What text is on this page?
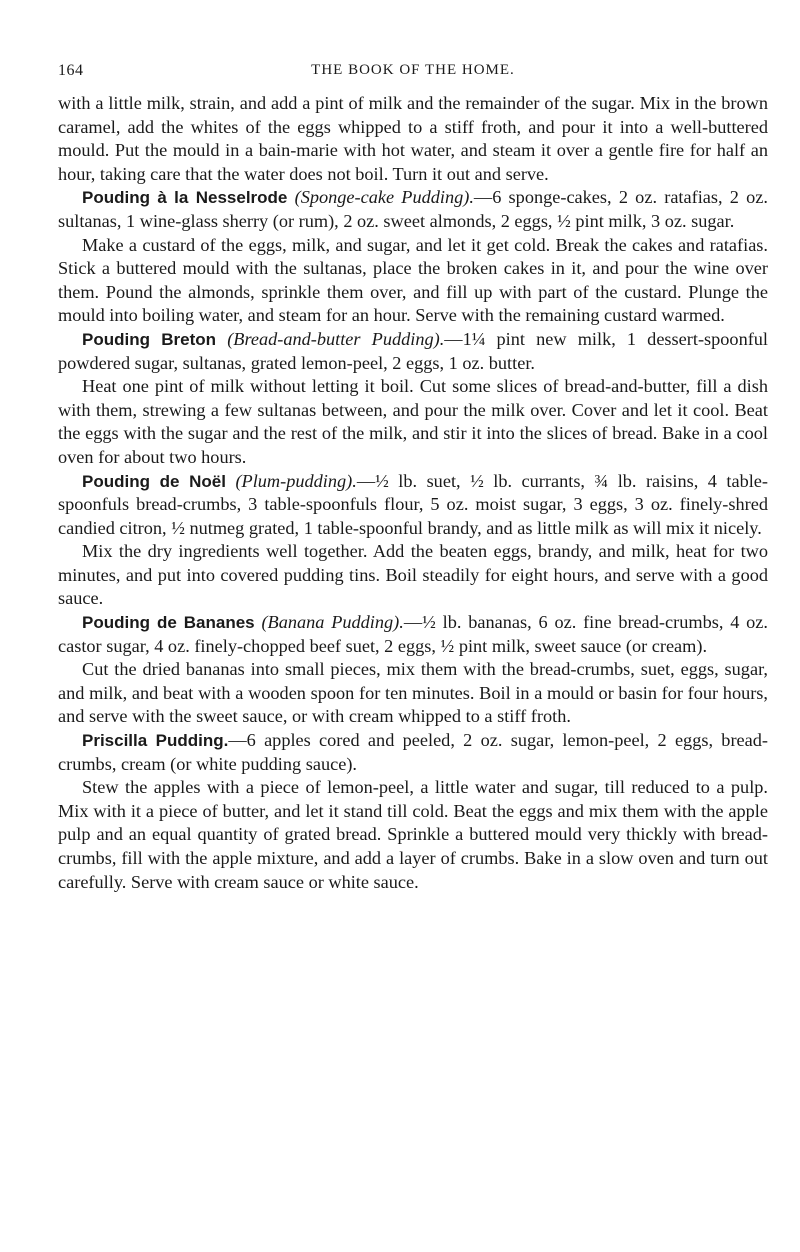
164	THE BOOK OF THE HOME.

with a little milk, strain, and add a pint of milk and the remainder of the sugar. Mix in the brown caramel, add the whites of the eggs whipped to a stiff froth, and pour it into a well-buttered mould. Put the mould in a bain-marie with hot water, and steam it over a gentle fire for half an hour, taking care that the water does not boil. Turn it out and serve.

Pouding à la Nesselrode (Sponge-cake Pudding).—6 sponge-cakes, 2 oz. ratafias, 2 oz. sultanas, 1 wine-glass sherry (or rum), 2 oz. sweet almonds, 2 eggs, ½ pint milk, 3 oz. sugar.

Make a custard of the eggs, milk, and sugar, and let it get cold. Break the cakes and ratafias. Stick a buttered mould with the sultanas, place the broken cakes in it, and pour the wine over them. Pound the almonds, sprinkle them over, and fill up with part of the custard. Plunge the mould into boiling water, and steam for an hour. Serve with the remaining custard warmed.

Pouding Breton (Bread-and-butter Pudding).—1¼ pint new milk, 1 dessert-spoonful powdered sugar, sultanas, grated lemon-peel, 2 eggs, 1 oz. butter.

Heat one pint of milk without letting it boil. Cut some slices of bread-and-butter, fill a dish with them, strewing a few sultanas between, and pour the milk over. Cover and let it cool. Beat the eggs with the sugar and the rest of the milk, and stir it into the slices of bread. Bake in a cool oven for about two hours.

Pouding de Noël (Plum-pudding).—½ lb. suet, ½ lb. currants, ¾ lb. raisins, 4 table-spoonfuls bread-crumbs, 3 table-spoonfuls flour, 5 oz. moist sugar, 3 eggs, 3 oz. finely-shred candied citron, ½ nutmeg grated, 1 table-spoonful brandy, and as little milk as will mix it nicely.

Mix the dry ingredients well together. Add the beaten eggs, brandy, and milk, heat for two minutes, and put into covered pudding tins. Boil steadily for eight hours, and serve with a good sauce.

Pouding de Bananes (Banana Pudding).—½ lb. bananas, 6 oz. fine bread-crumbs, 4 oz. castor sugar, 4 oz. finely-chopped beef suet, 2 eggs, ½ pint milk, sweet sauce (or cream).

Cut the dried bananas into small pieces, mix them with the bread-crumbs, suet, eggs, sugar, and milk, and beat with a wooden spoon for ten minutes. Boil in a mould or basin for four hours, and serve with the sweet sauce, or with cream whipped to a stiff froth.

Priscilla Pudding.—6 apples cored and peeled, 2 oz. sugar, lemon-peel, 2 eggs, bread-crumbs, cream (or white pudding sauce).

Stew the apples with a piece of lemon-peel, a little water and sugar, till reduced to a pulp. Mix with it a piece of butter, and let it stand till cold. Beat the eggs and mix them with the apple pulp and an equal quantity of grated bread. Sprinkle a buttered mould very thickly with bread-crumbs, fill with the apple mixture, and add a layer of crumbs. Bake in a slow oven and turn out carefully. Serve with cream sauce or white sauce.
